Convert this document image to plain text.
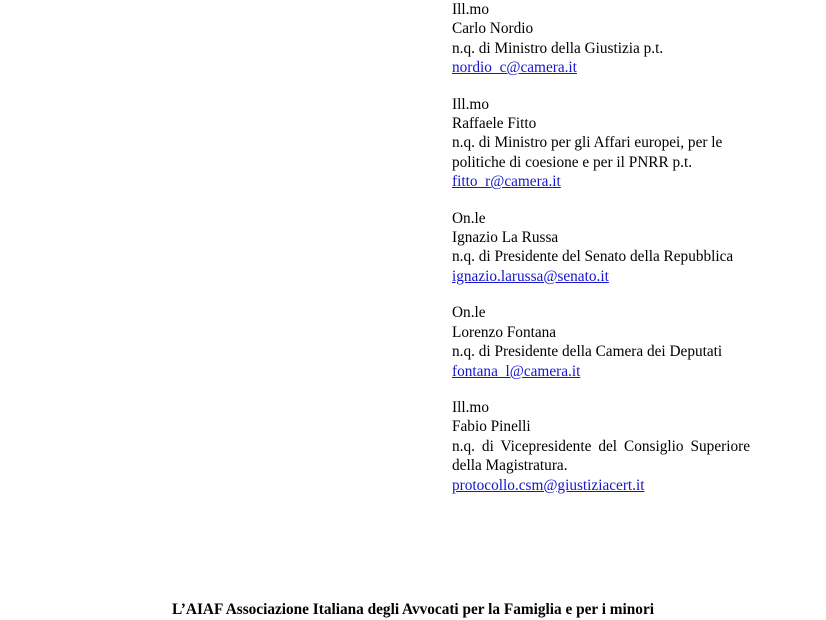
Ill.mo
Carlo Nordio
n.q. di Ministro della Giustizia p.t.
nordio_c@camera.it
Ill.mo
Raffaele Fitto
n.q. di Ministro per gli Affari europei, per le politiche di coesione e per il PNRR p.t.
fitto_r@camera.it
On.le
Ignazio La Russa
n.q. di Presidente del Senato della Repubblica
ignazio.larussa@senato.it
On.le
Lorenzo Fontana
n.q. di Presidente della Camera dei Deputati
fontana_l@camera.it
Ill.mo
Fabio Pinelli
n.q. di Vicepresidente del Consiglio Superiore della Magistratura.
protocollo.csm@giustiziacert.it
L’AIAF Associazione Italiana degli Avvocati per la Famiglia e per i minori
